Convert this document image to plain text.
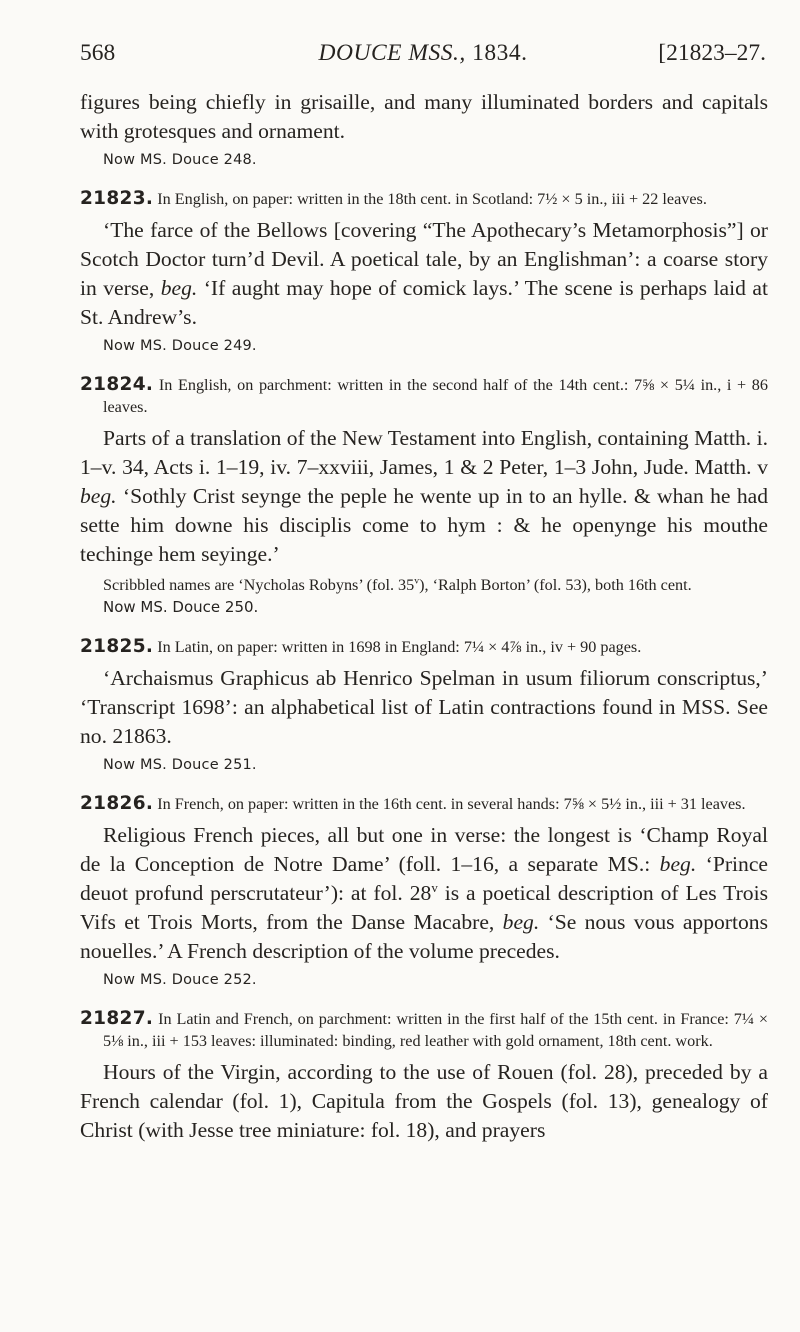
568	DOUCE MSS., 1834.	[21823–27.

figures being chiefly in grisaille, and many illuminated borders and capitals with grotesques and ornament.

Now MS. Douce 248.

21823. In English, on paper: written in the 18th cent. in Scotland: 7½ × 5 in., iii + 22 leaves.

‘The farce of the Bellows [covering “The Apothecary’s Metamorphosis”] or Scotch Doctor turn’d Devil. A poetical tale, by an Englishman’: a coarse story in verse, beg. ‘If aught may hope of comick lays.’ The scene is perhaps laid at St. Andrew’s.

Now MS. Douce 249.

21824. In English, on parchment: written in the second half of the 14th cent.: 7⅝ × 5¼ in., i + 86 leaves.

Parts of a translation of the New Testament into English, containing Matth. i. 1–v. 34, Acts i. 1–19, iv. 7–xxviii, James, 1 & 2 Peter, 1–3 John, Jude. Matth. v beg. ‘Sothly Crist seynge the peple he wente up in to an hylle. & whan he had sette him downe his disciplis come to hym : & he openynge his mouthe techinge hem seyinge.’

Scribbled names are ‘Nycholas Robyns’ (fol. 35$^v$), ‘Ralph Borton’ (fol. 53), both 16th cent.

Now MS. Douce 250.

21825. In Latin, on paper: written in 1698 in England: 7¼ × 4⅞ in., iv + 90 pages.

‘Archaismus Graphicus ab Henrico Spelman in usum filiorum conscriptus,’ ‘Transcript 1698’: an alphabetical list of Latin contractions found in MSS. See no. 21863.

Now MS. Douce 251.

21826. In French, on paper: written in the 16th cent. in several hands: 7⅝ × 5½ in., iii + 31 leaves.

Religious French pieces, all but one in verse: the longest is ‘Champ Royal de la Conception de Notre Dame’ (foll. 1–16, a separate MS.: beg. ‘Prince deuot profund perscrutateur’): at fol. 28$^v$ is a poetical description of Les Trois Vifs et Trois Morts, from the Danse Macabre, beg. ‘Se nous vous apportons nouelles.’ A French description of the volume precedes.

Now MS. Douce 252.

21827. In Latin and French, on parchment: written in the first half of the 15th cent. in France: 7¼ × 5⅛ in., iii + 153 leaves: illuminated: binding, red leather with gold ornament, 18th cent. work.

Hours of the Virgin, according to the use of Rouen (fol. 28), preceded by a French calendar (fol. 1), Capitula from the Gospels (fol. 13), genealogy of Christ (with Jesse tree miniature: fol. 18), and prayers
